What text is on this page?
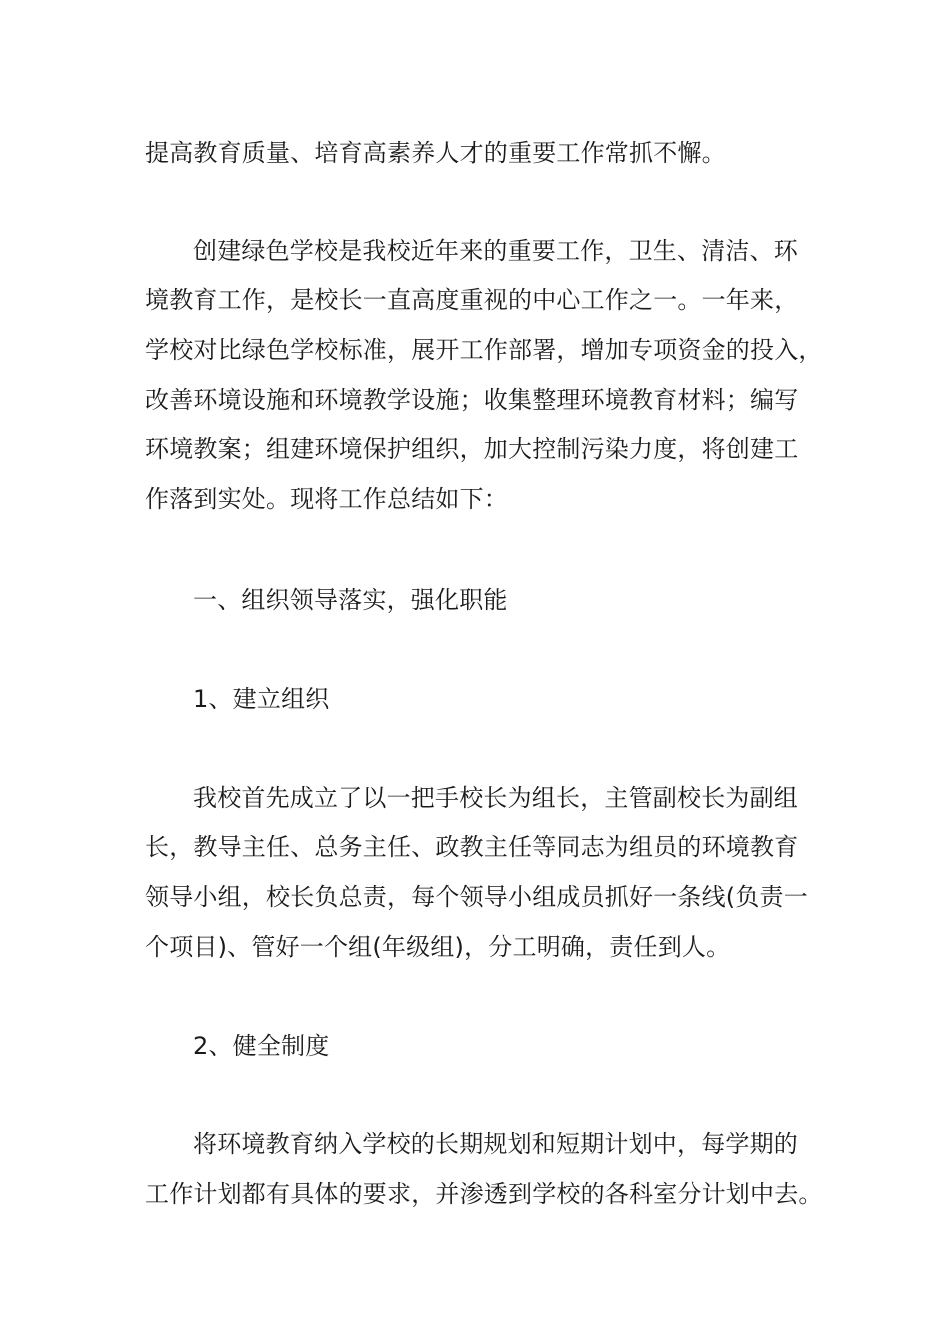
提高教育质量、培育高素养人才的重要工作常抓不懈。
创建绿色学校是我校近年来的重要工作，卫生、清洁、环
境教育工作，是校长一直高度重视的中心工作之一。一年来，
学校对比绿色学校标准，展开工作部署，增加专项资金的投入，
改善环境设施和环境教学设施；收集整理环境教育材料；编写
环境教案；组建环境保护组织，加大控制污染力度，将创建工
作落到实处。现将工作总结如下：
一、组织领导落实，强化职能
1、建立组织
我校首先成立了以一把手校长为组长，主管副校长为副组
长，教导主任、总务主任、政教主任等同志为组员的环境教育
领导小组，校长负总责，每个领导小组成员抓好一条线(负责一
个项目)、管好一个组(年级组)，分工明确，责任到人。
2、健全制度
将环境教育纳入学校的长期规划和短期计划中，每学期的
工作计划都有具体的要求，并渗透到学校的各科室分计划中去。
